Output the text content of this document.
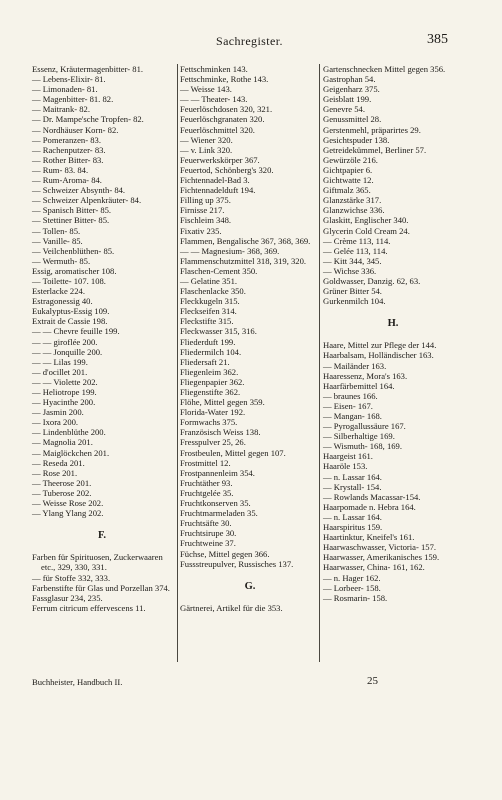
Sachregister.	385
Essenz, Kräutermagenbitter- 81.
— Lebens-Elixir- 81.
— Limonaden- 81.
— Magenbitter- 81. 82.
— Maitrank- 82.
— Dr. Mampe'sche Tropfen- 82.
— Nordhäuser Korn- 82.
— Pomeranzen- 83.
— Rachenputzer- 83.
— Rother Bitter- 83.
— Rum- 83. 84.
— Rum-Aroma- 84.
— Schweizer Absynth- 84.
— Schweizer Alpenkräuter- 84.
— Spanisch Bitter- 85.
— Stettiner Bitter- 85.
— Tollen- 85.
— Vanille- 85.
— Veilchenblüthen- 85.
— Wermuth- 85.
Essig, aromatischer 108.
— Toilette- 107. 108.
Esterlacke 224.
Estragonessig 40.
Eukalyptus-Essig 109.
Extrait de Cassie 198.
— — Chevre feuille 199.
— — giroflée 200.
— — Jonquille 200.
— — Lilas 199.
— d'ocillet 201.
— — Violette 202.
— Heliotrope 199.
— Hyacinthe 200.
— Jasmin 200.
— Ixora 200.
— Lindenblüthe 200.
— Magnolia 201.
— Maiglöckchen 201.
— Reseda 201.
— Rose 201.
— Theerose 201.
— Tuberose 202.
— Weisse Rose 202.
— Ylang Ylang 202.
F.
Farben für Spirituosen, Zuckerwaaren etc., 329, 330, 331.
— für Stoffe 332, 333.
Farbenstifte für Glas und Porzellan 374.
Fassglasur 234, 235.
Ferrum citricum effervescens 11.
Fettschminken 143.
Fettschminke, Rothe 143.
— Weisse 143.
— — Theater- 143.
Feuerlöschdosen 320, 321.
Feuerlöschgranaten 320.
Feuerlöschmittel 320.
— Wiener 320.
— v. Link 320.
Feuerwerkskörper 367.
Feuertod, Schönberg's 320.
Fichtennadel-Bad 3.
Fichtennadelduft 194.
Filling up 375.
Firnisse 217.
Fischleim 348.
Fixativ 235.
Flammen, Bengalische 367, 368, 369.
— — Magnesium- 368, 369.
Flammenschutzmittel 318, 319, 320.
Flaschen-Cement 350.
— Gelatine 351.
Flaschenlacke 350.
Fleckkugeln 315.
Fleckseifen 314.
Fleckstifte 315.
Fleckwasser 315, 316.
Fliederduft 199.
Fliedermilch 104.
Fliedersaft 21.
Fliegenleim 362.
Fliegenpapier 362.
Fliegenstifte 362.
Flöhe, Mittel gegen 359.
Florida-Water 192.
Formwachs 375.
Französisch Weiss 138.
Fresspulver 25, 26.
Frostbeulen, Mittel gegen 107.
Frostmittel 12.
Frostpannenleim 354.
Fruchtäther 93.
Fruchtgelée 35.
Fruchtkonserven 35.
Fruchtmarmeladen 35.
Fruchtsäfte 30.
Fruchtsirupe 30.
Fruchtweine 37.
Füchse, Mittel gegen 366.
Fussstreupulver, Russisches 137.
G.
Gärtnerei, Artikel für die 353.
Gartenschnecken Mittel gegen 356.
Gastrophan 54.
Geigenharz 375.
Geisblatt 199.
Genevre 54.
Genussmittel 28.
Gerstenmehl, präparirtes 29.
Gesichtspuder 138.
Getreidekümmel, Berliner 57.
Gewürzöle 216.
Gichtpapier 6.
Gichtwatte 12.
Giftmalz 365.
Glanzstärke 317.
Glanzwichse 336.
Glaskitt, Englischer 340.
Glycerin Cold Cream 24.
— Crème 113, 114.
— Gelée 113, 114.
— Kitt 344, 345.
— Wichse 336.
Goldwasser, Danzig. 62, 63.
Grüner Bitter 54.
Gurkenmilch 104.
H.
Haare, Mittel zur Pflege der 144.
Haarbalsam, Holländischer 163.
— Mailänder 163.
Haaressenz, Mora's 163.
Haarfärbemittel 164.
— braunes 166.
— Eisen- 167.
— Mangan- 168.
— Pyrogallussäure 167.
— Silberhaltige 169.
— Wismuth- 168, 169.
Haargeist 161.
Haaröle 153.
— n. Lassar 164.
— Krystall- 154.
— Rowlands Macassar-154.
Haarpomade n. Hebra 164.
— n. Lassar 164.
Haarspiritus 159.
Haartinktur, Kneifel's 161.
Haarwaschwasser, Victoria- 157.
Haarwasser, Amerikanisches 159.
Haarwasser, China- 161, 162.
— n. Hager 162.
— Lorbeer- 158.
— Rosmarin- 158.
Buchheister, Handbuch II.	25
